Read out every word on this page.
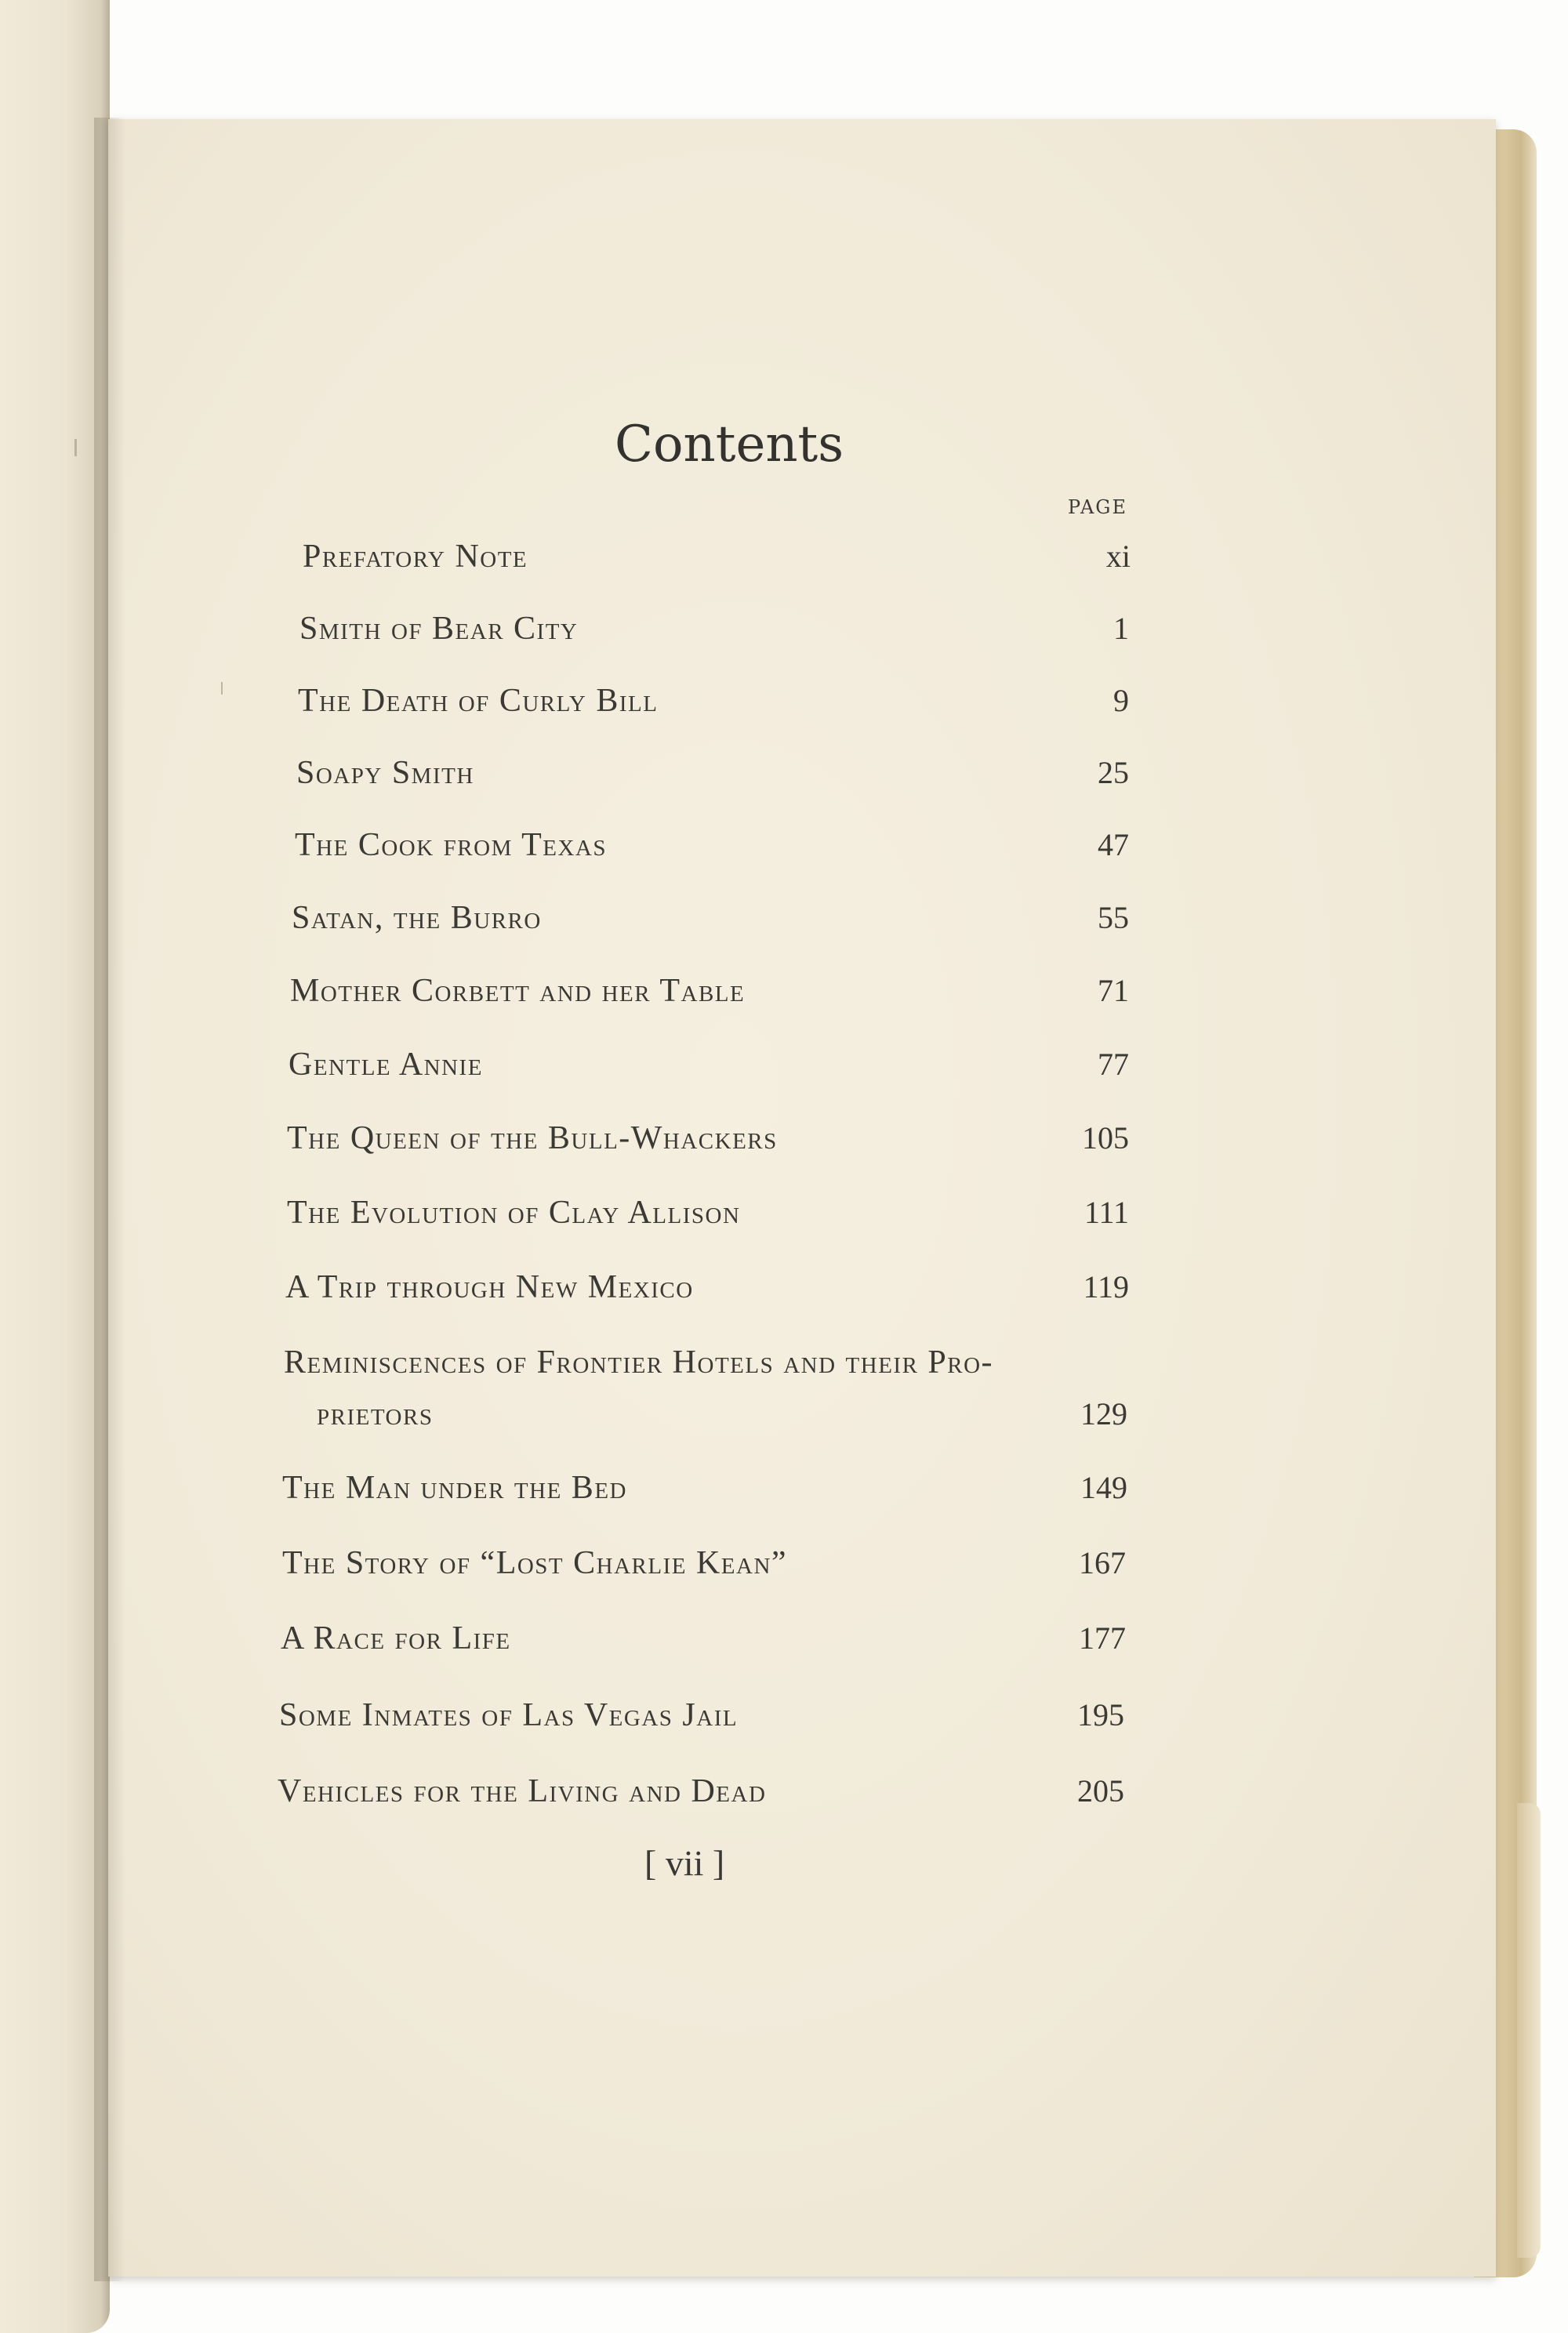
Contents
PAGE
Prefatory Note	xi
Smith of Bear City	1
The Death of Curly Bill	9
Soapy Smith	25
The Cook from Texas	47
Satan, the Burro	55
Mother Corbett and her Table	71
Gentle Annie	77
The Queen of the Bull-Whackers	105
The Evolution of Clay Allison	111
A Trip through New Mexico	119
Reminiscences of Frontier Hotels and their Pro-
prietors	129
The Man under the Bed	149
The Story of “Lost Charlie Kean”	167
A Race for Life	177
Some Inmates of Las Vegas Jail	195
Vehicles for the Living and Dead	205
[ vii ]
